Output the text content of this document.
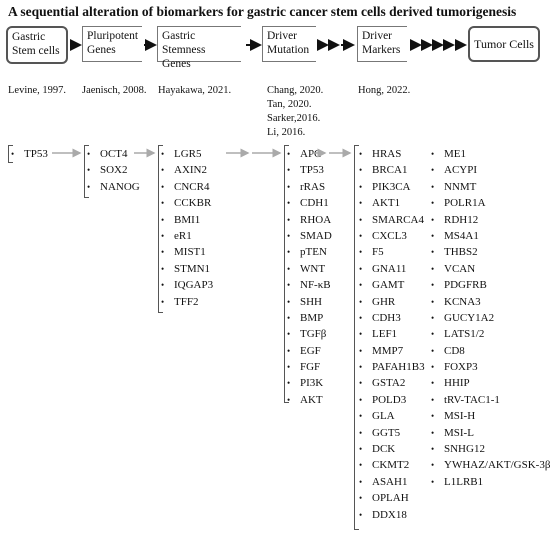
A sequential alteration of biomarkers for gastric cancer stem cells derived tumorigenesis
Gastric Stem cells
Pluripotent Genes
Gastric Stemness Genes
Driver Mutation
Driver Markers	Tumor Cells
Levine, 1997. Jaenisch, 2008. Hayakawa, 2021.	Chang, 2020.
Tan, 2020.
Sarker,2016.
Li, 2016.
Hong, 2022.
• TP53
•	OCT4
• SOX2
• NANOG
• LGR5
• AXIN2
• CNCR4
• CCKBR
• BMI1
• eR1
• MIST1
• STMN1
• IQGAP3
• TFF2
• APC
• TP53
• rRAS
• CDH1
• RHOA
• SMAD
• pTEN
• WNT
• NF-κB
• SHH
• BMP
• TGFβ
• EGF
• FGF
• PI3K
• AKT
• HRAS
• BRCA1
• PIK3CA
• AKT1
• SMARCA4
• CXCL3
• F5
• GNA11
• GAMT
• GHR
• CDH3
• LEF1
• MMP7
• PAFAH1B3
• GSTA2
• POLD3
• GLA
• GGT5
• DCK
• CKMT2
• ASAH1
• OPLAH
• DDX18
• ME1
• ACYPI
• NNMT
• POLR1A
• RDH12
• MS4A1
• THBS2
• VCAN
• PDGFRB
• KCNA3
• GUCY1A2
• LATS1/2
• CD8
• FOXP3
• HHIP
• tRV-TAC1-1
• MSI-H
• MSI-L
• SNHG12
• YWHAZ/AKT/GSK-3β
• L1LRB1
